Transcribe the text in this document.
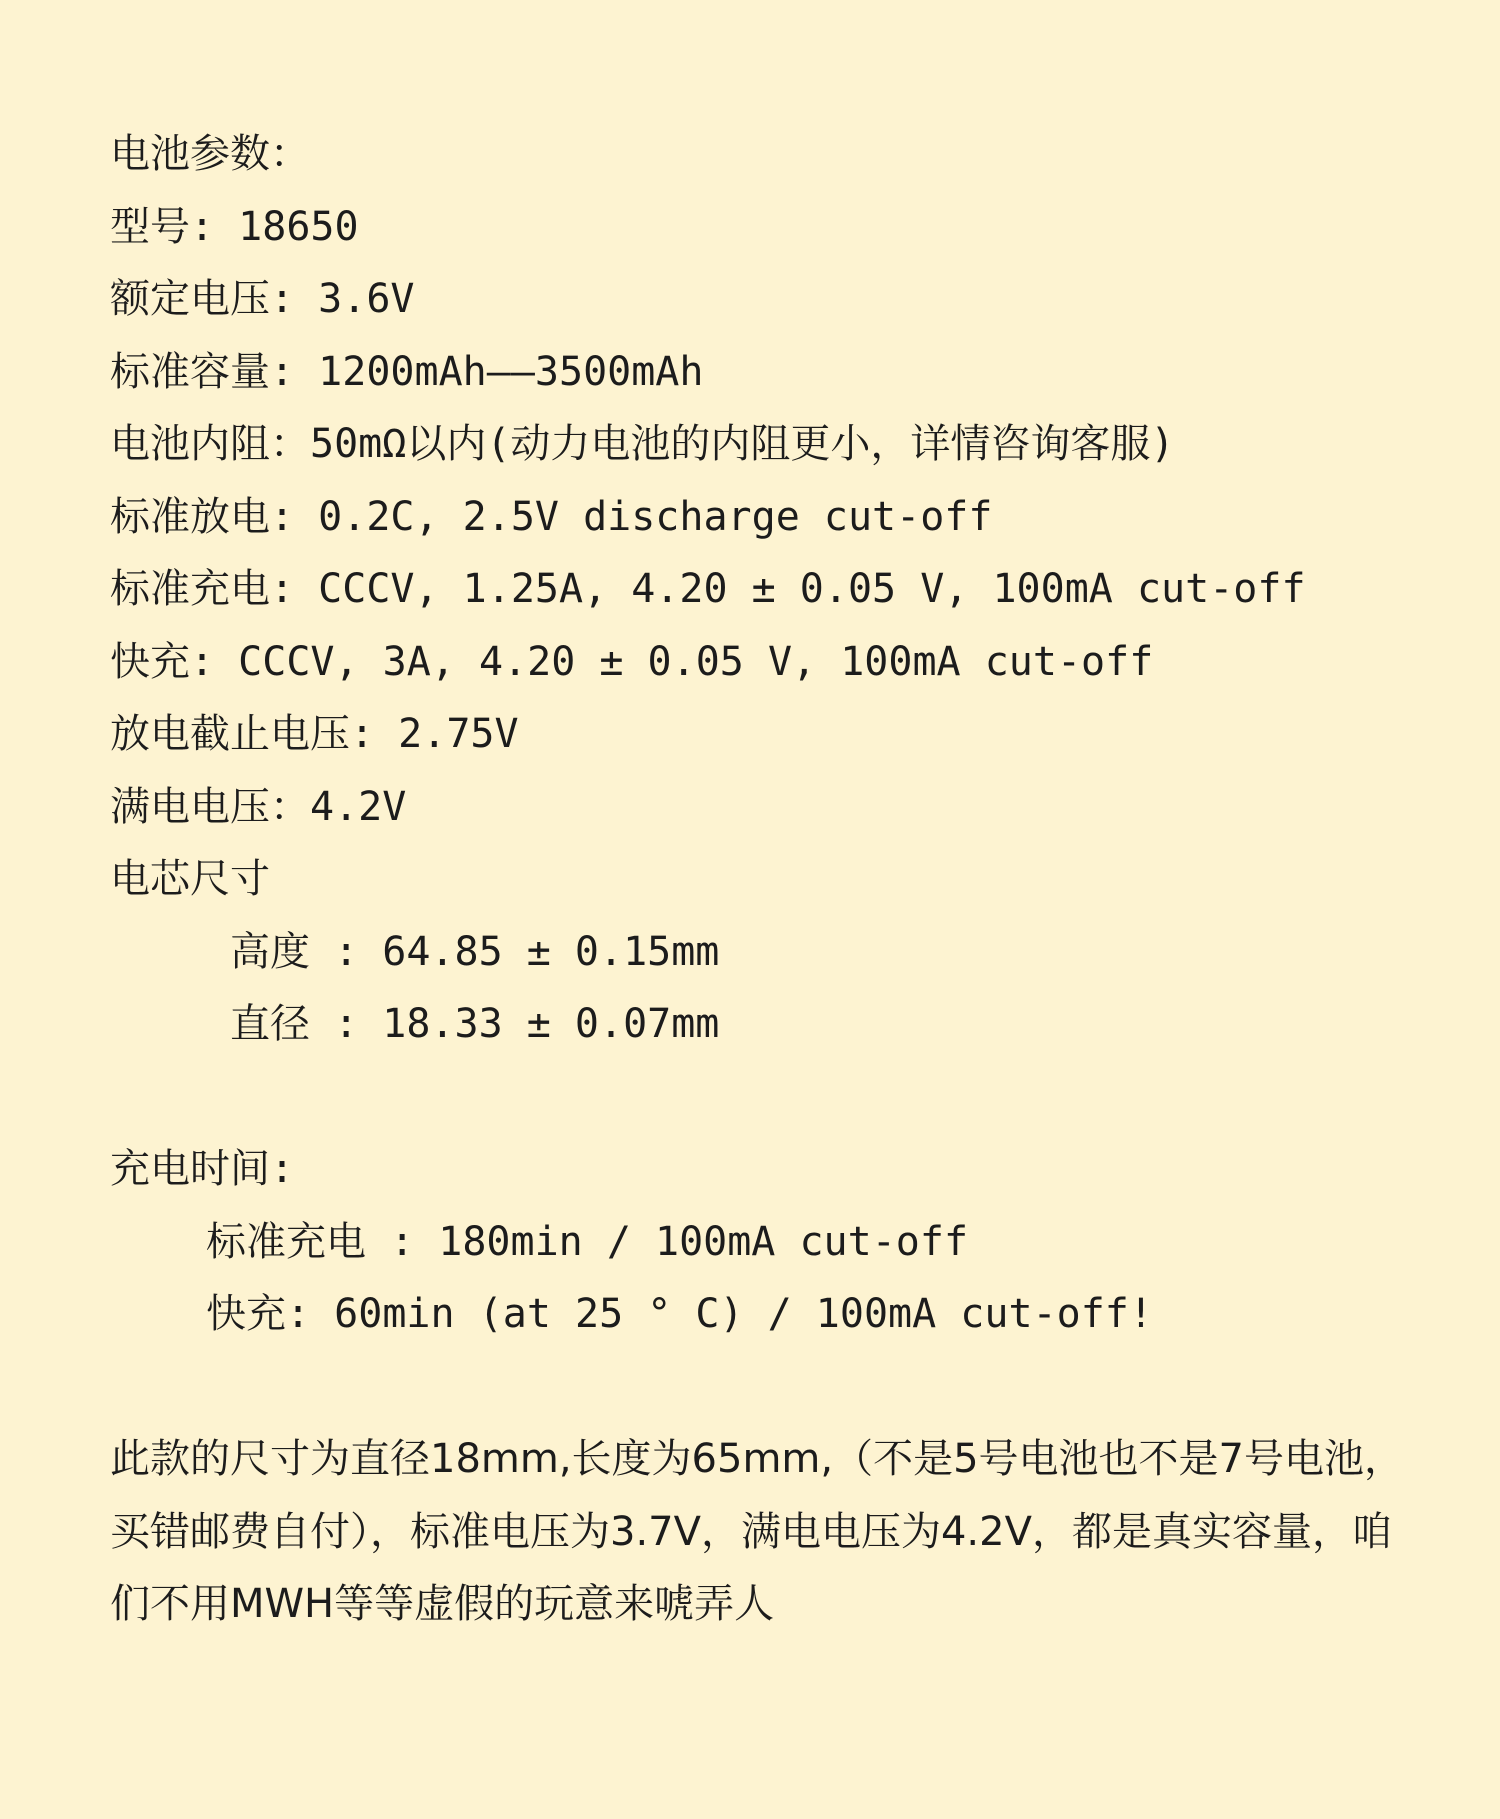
电池参数：
型号: 18650
额定电压: 3.6V
标准容量: 1200mAh——3500mAh
电池内阻：50mΩ以内(动力电池的内阻更小，详情咨询客服)
标准放电: 0.2C, 2.5V discharge cut-off
标准充电: CCCV, 1.25A, 4.20 ± 0.05 V, 100mA cut-off
快充: CCCV, 3A, 4.20 ± 0.05 V, 100mA cut-off
放电截止电压: 2.75V
满电电压：4.2V
电芯尺寸
高度 : 64.85 ± 0.15mm
直径 : 18.33 ± 0.07mm
充电时间:
标准充电 : 180min / 100mA cut-off
快充: 60min (at 25 ° C) / 100mA cut-off!
此款的尺寸为直径18mm,长度为65mm,（不是5号电池也不是7号电池，买错邮费自付），标准电压为3.7V，满电电压为4.2V，都是真实容量，咱们不用MWH等等虚假的玩意来唬弄人
